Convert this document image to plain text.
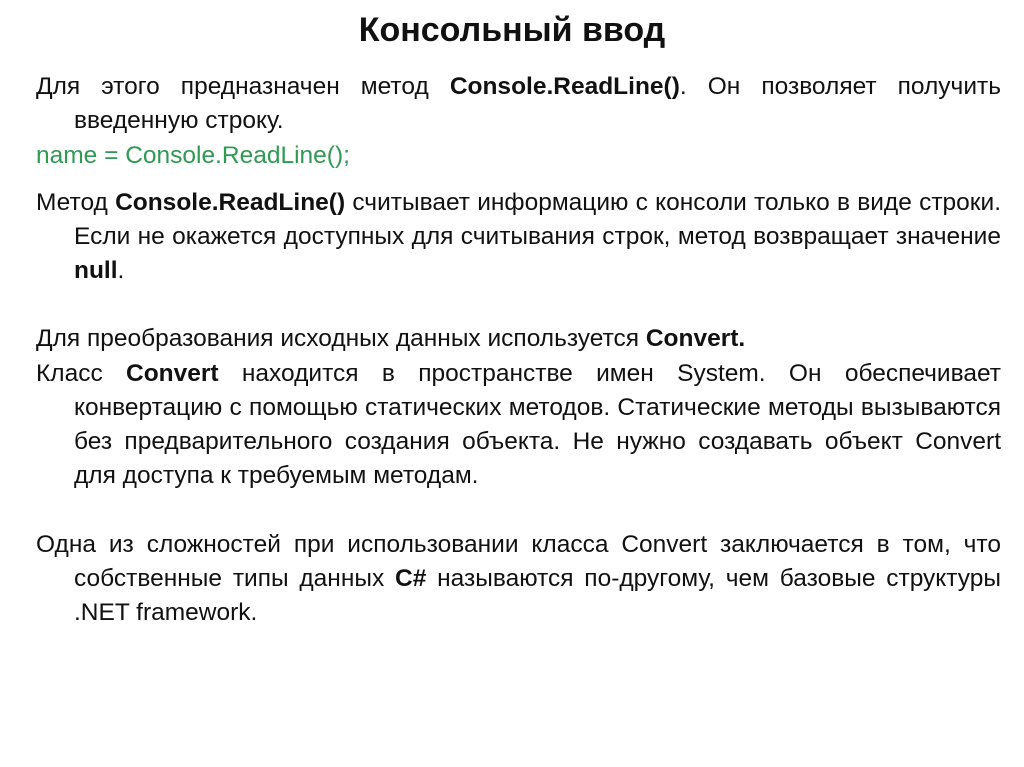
Консольный ввод
Для этого предназначен метод Console.ReadLine(). Он позволяет получить введенную строку.
name = Console.ReadLine();
Метод Console.ReadLine() считывает информацию с консоли только в виде строки. Если не окажется доступных для считывания строк, метод возвращает значение null.
Для преобразования исходных данных используется Convert.
Класс Convert находится в пространстве имен System. Он обеспечивает конвертацию с помощью статических методов. Статические методы вызываются без предварительного создания объекта. Не нужно создавать объект Convert для доступа к требуемым методам.
Одна из сложностей при использовании класса Convert заключается в том, что собственные типы данных C# называются по-другому, чем базовые структуры .NET framework.
